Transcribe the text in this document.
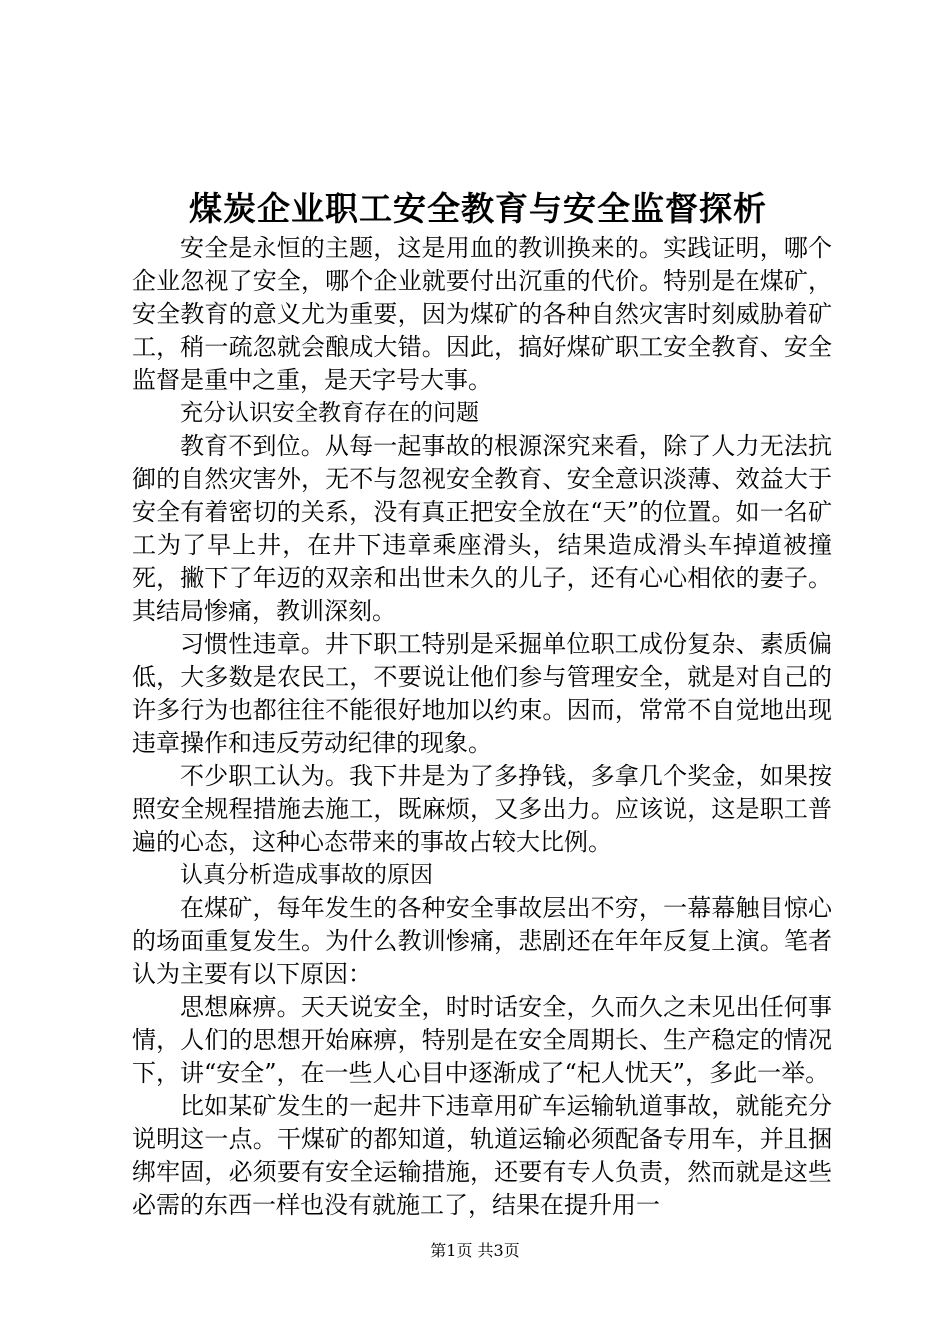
煤炭企业职工安全教育与安全监督探析

安全是永恒的主题，这是用血的教训换来的。实践证明，哪个企业忽视了安全，哪个企业就要付出沉重的代价。特别是在煤矿，安全教育的意义尤为重要，因为煤矿的各种自然灾害时刻威胁着矿工，稍一疏忽就会酿成大错。因此，搞好煤矿职工安全教育、安全监督是重中之重，是天字号大事。

充分认识安全教育存在的问题

教育不到位。从每一起事故的根源深究来看，除了人力无法抗御的自然灾害外，无不与忽视安全教育、安全意识淡薄、效益大于安全有着密切的关系，没有真正把安全放在“天”的位置。如一名矿工为了早上井，在井下违章乘座滑头，结果造成滑头车掉道被撞死，撇下了年迈的双亲和出世未久的儿子，还有心心相依的妻子。其结局惨痛，教训深刻。

习惯性违章。井下职工特别是采掘单位职工成份复杂、素质偏低，大多数是农民工，不要说让他们参与管理安全，就是对自己的许多行为也都往往不能很好地加以约束。因而，常常不自觉地出现违章操作和违反劳动纪律的现象。

不少职工认为。我下井是为了多挣钱，多拿几个奖金，如果按照安全规程措施去施工，既麻烦，又多出力。应该说，这是职工普遍的心态，这种心态带来的事故占较大比例。

认真分析造成事故的原因

在煤矿，每年发生的各种安全事故层出不穷，一幕幕触目惊心的场面重复发生。为什么教训惨痛，悲剧还在年年反复上演。笔者认为主要有以下原因：

思想麻痹。天天说安全，时时话安全，久而久之未见出任何事情，人们的思想开始麻痹，特别是在安全周期长、生产稳定的情况下，讲“安全”，在一些人心目中逐渐成了“杞人忧天”，多此一举。

比如某矿发生的一起井下违章用矿车运输轨道事故，就能充分说明这一点。干煤矿的都知道，轨道运输必须配备专用车，并且捆绑牢固，必须要有安全运输措施，还要有专人负责，然而就是这些必需的东西一样也没有就施工了，结果在提升用一

第1页 共3页
